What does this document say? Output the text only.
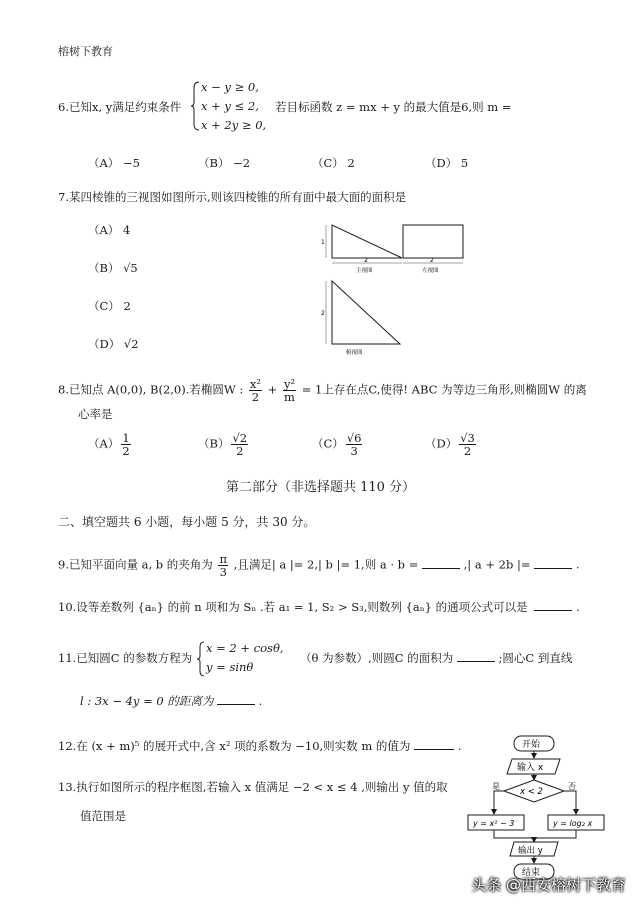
榕树下教育
6.已知x, y满足约束条件
x − y ≥ 0,
x + y ≤ 2,
x + 2y ≥ 0,
若目标函数 z = mx + y 的最大值是6,则 m =
（A） −5	（B） −2	（C） 2	（D） 5
7.某四棱锥的三视图如图所示,则该四棱锥的所有面中最大面的面积是
（A） 4
（B） √5
（C） 2
（D） √2
1
2
主视图
2
左视图
2
俯视图
8.已知点 A(0,0), B(2,0).若椭圆W : $\frac{\text{x²}}{2} + \frac{\text{y²}}{m} = 1$上存在点C,使得! ABC 为等边三角形,则椭圆W 的离
心率是
$(A) \frac{1}{2}$	$(B) \frac{√2}{2}$	$(C) \frac{√6}{3}$	$(D) \frac{√3}{2}$
第二部分（非选择题共 110 分）
二、填空题共 6 小题，每小题 5 分，共 30 分。
9.已知平面向量 a, b 的夹角为 $\frac{\pi}{3}$ ,且满足| a |= 2,| b |= 1,则 a · b =	,| a + 2b |=	.
10.设等差数列 {aₙ} 的前 n 项和为 Sₙ .若 a₁ = 1, S₂ > S₃,则数列 {aₙ} 的通项公式可以是	.
11.已知圆C 的参数方程为
x = 2 + cosθ,
y = sinθ
（θ 为参数）,则圆C 的面积为	;圆心C 到直线
l : 3x − 4y = 0 的距离为	.
12.在 (x + m)⁵ 的展开式中,含 x² 项的系数为 −10,则实数 m 的值为	.
13.执行如图所示的程序框图,若输入 x 值满足 −2 < x ≤ 4 ,则输出 y 值的取
值范围是
开始
输入 x
x < 2
是	否
y = x² − 3	y = log₂ x
输出 y
结束
头条 @西安榕树下教育
